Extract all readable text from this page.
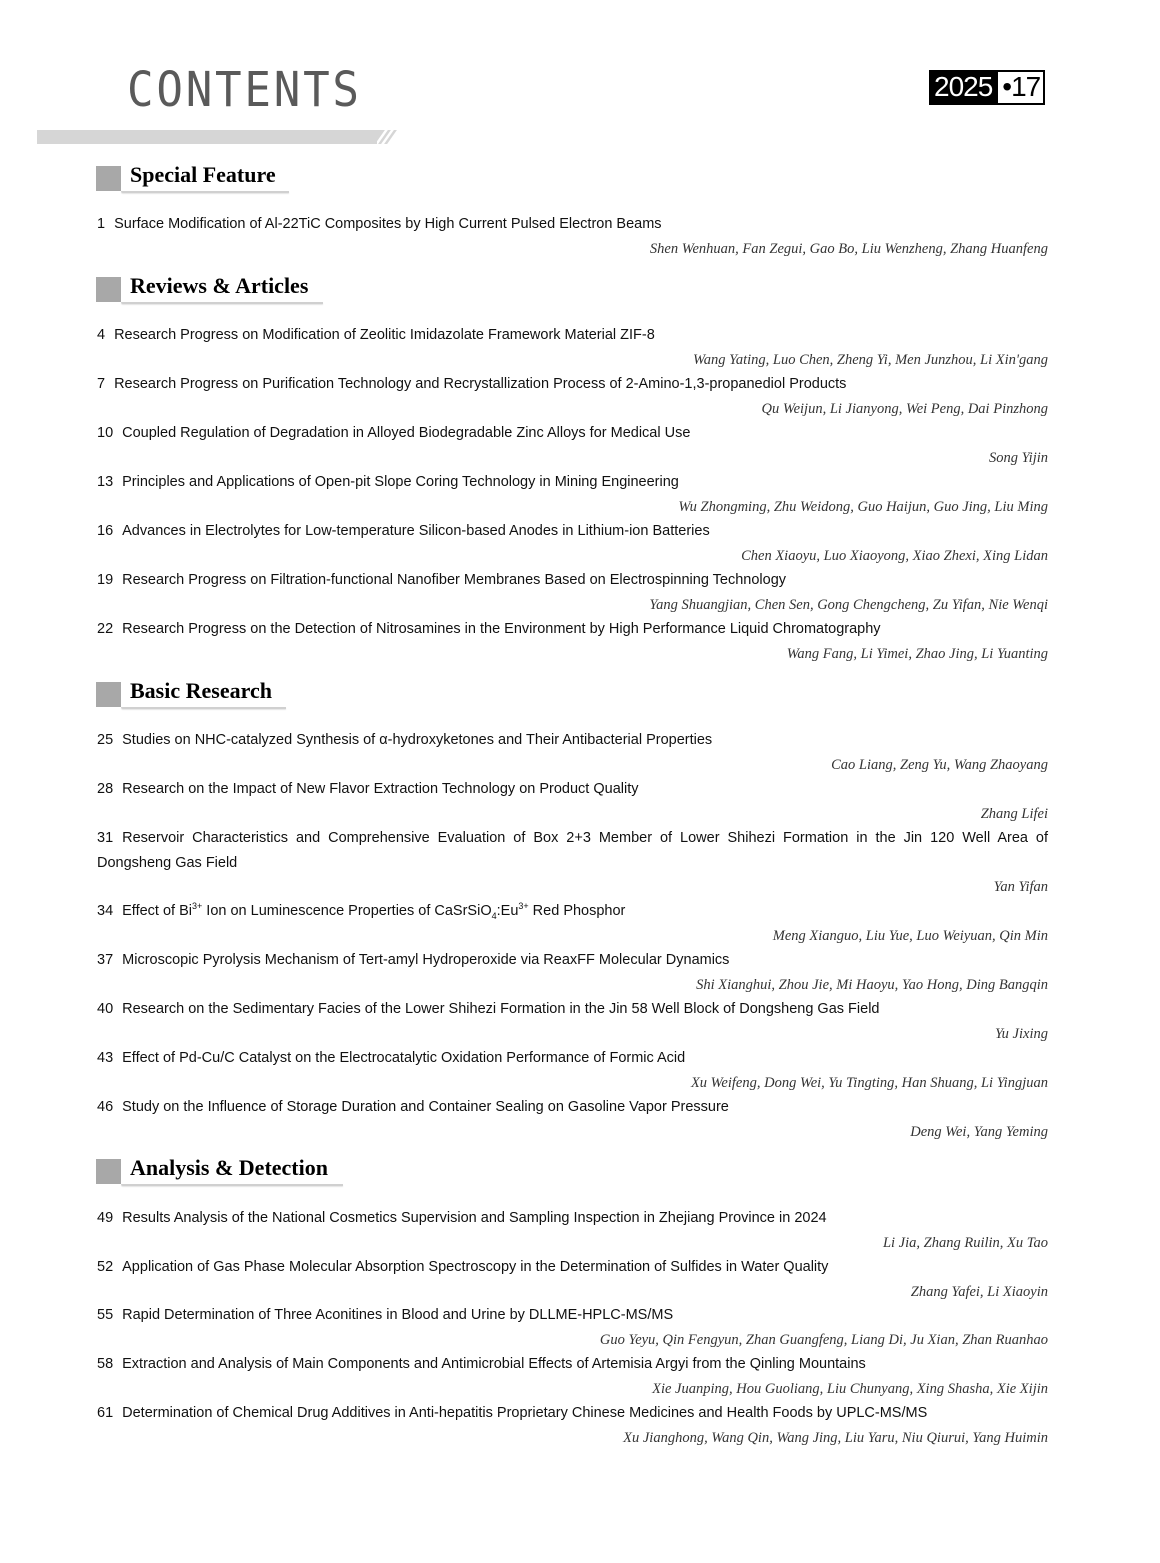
CONTENTS	2025 •17
Special Feature
1 Surface Modification of Al-22TiC Composites by High Current Pulsed Electron Beams
Shen Wenhuan, Fan Zegui, Gao Bo, Liu Wenzheng, Zhang Huanfeng
Reviews & Articles
4 Research Progress on Modification of Zeolitic Imidazolate Framework Material ZIF-8
Wang Yating, Luo Chen, Zheng Yi, Men Junzhou, Li Xin'gang
7 Research Progress on Purification Technology and Recrystallization Process of 2-Amino-1,3-propanediol Products
Qu Weijun, Li Jianyong, Wei Peng, Dai Pinzhong
10 Coupled Regulation of Degradation in Alloyed Biodegradable Zinc Alloys for Medical Use
Song Yijin
13 Principles and Applications of Open-pit Slope Coring Technology in Mining Engineering
Wu Zhongming, Zhu Weidong, Guo Haijun, Guo Jing, Liu Ming
16 Advances in Electrolytes for Low-temperature Silicon-based Anodes in Lithium-ion Batteries
Chen Xiaoyu, Luo Xiaoyong, Xiao Zhexi, Xing Lidan
19 Research Progress on Filtration-functional Nanofiber Membranes Based on Electrospinning Technology
Yang Shuangjian, Chen Sen, Gong Chengcheng, Zu Yifan, Nie Wenqi
22 Research Progress on the Detection of Nitrosamines in the Environment by High Performance Liquid Chromatography
Wang Fang, Li Yimei, Zhao Jing, Li Yuanting
Basic Research
25 Studies on NHC-catalyzed Synthesis of α-hydroxyketones and Their Antibacterial Properties
Cao Liang, Zeng Yu, Wang Zhaoyang
28 Research on the Impact of New Flavor Extraction Technology on Product Quality
Zhang Lifei
31 Reservoir Characteristics and Comprehensive Evaluation of Box 2+3 Member of Lower Shihezi Formation in the Jin 120 Well Area of Dongsheng Gas Field
Yan Yifan
34 Effect of $Bi^{3+}$ Ion on Luminescence Properties of $CaSrSiO_4:Eu^{3+}$ Red Phosphor
Meng Xianguo, Liu Yue, Luo Weiyuan, Qin Min
37 Microscopic Pyrolysis Mechanism of Tert-amyl Hydroperoxide via ReaxFF Molecular Dynamics
Shi Xianghui, Zhou Jie, Mi Haoyu, Yao Hong, Ding Bangqin
40 Research on the Sedimentary Facies of the Lower Shihezi Formation in the Jin 58 Well Block of Dongsheng Gas Field
Yu Jixing
43 Effect of Pd-Cu/C Catalyst on the Electrocatalytic Oxidation Performance of Formic Acid
Xu Weifeng, Dong Wei, Yu Tingting, Han Shuang, Li Yingjuan
46 Study on the Influence of Storage Duration and Container Sealing on Gasoline Vapor Pressure
Deng Wei, Yang Yeming
Analysis & Detection
49 Results Analysis of the National Cosmetics Supervision and Sampling Inspection in Zhejiang Province in 2024
Li Jia, Zhang Ruilin, Xu Tao
52 Application of Gas Phase Molecular Absorption Spectroscopy in the Determination of Sulfides in Water Quality
Zhang Yafei, Li Xiaoyin
55 Rapid Determination of Three Aconitines in Blood and Urine by DLLME-HPLC-MS/MS
Guo Yeyu, Qin Fengyun, Zhan Guangfeng, Liang Di, Ju Xian, Zhan Ruanhao
58 Extraction and Analysis of Main Components and Antimicrobial Effects of Artemisia Argyi from the Qinling Mountains
Xie Juanping, Hou Guoliang, Liu Chunyang, Xing Shasha, Xie Xijin
61 Determination of Chemical Drug Additives in Anti-hepatitis Proprietary Chinese Medicines and Health Foods by UPLC-MS/MS
Xu Jianghong, Wang Qin, Wang Jing, Liu Yaru, Niu Qiurui, Yang Huimin
